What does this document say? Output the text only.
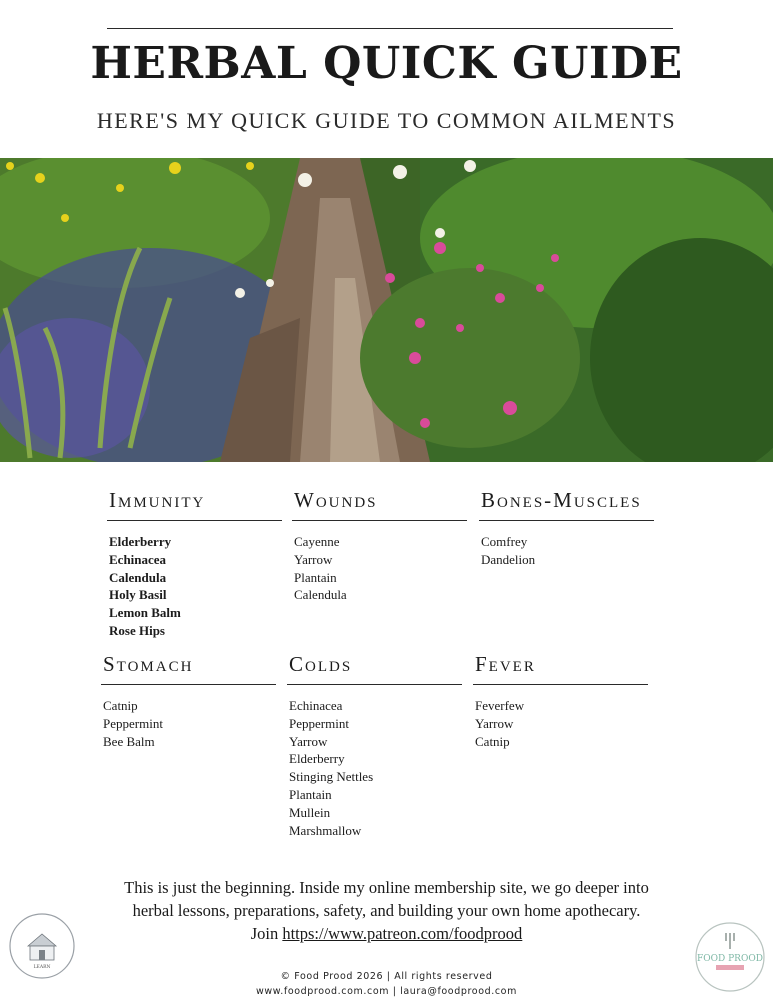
HERBAL QUICK GUIDE
HERE'S MY QUICK GUIDE TO COMMON AILMENTS
Immunity
Elderberry
Echinacea
Calendula
Holy Basil
Lemon Balm
Rose Hips
Wounds
Cayenne
Yarrow
Plantain
Calendula
Bones-Muscles
Comfrey
Dandelion
Stomach
Catnip
Peppermint
Bee Balm
Colds
Echinacea
Peppermint
Yarrow
Elderberry
Stinging Nettles
Plantain
Mullein
Marshmallow
Fever
Feverfew
Yarrow
Catnip
This is just the beginning. Inside my online membership site, we go deeper into
herbal lessons, preparations, safety, and building your own home apothecary.
Join https://www.patreon.com/foodprood
LEARN
FOOD PROOD
© Food Prood 2026 | All rights reserved
www.foodprood.com.com | laura@foodprood.com
